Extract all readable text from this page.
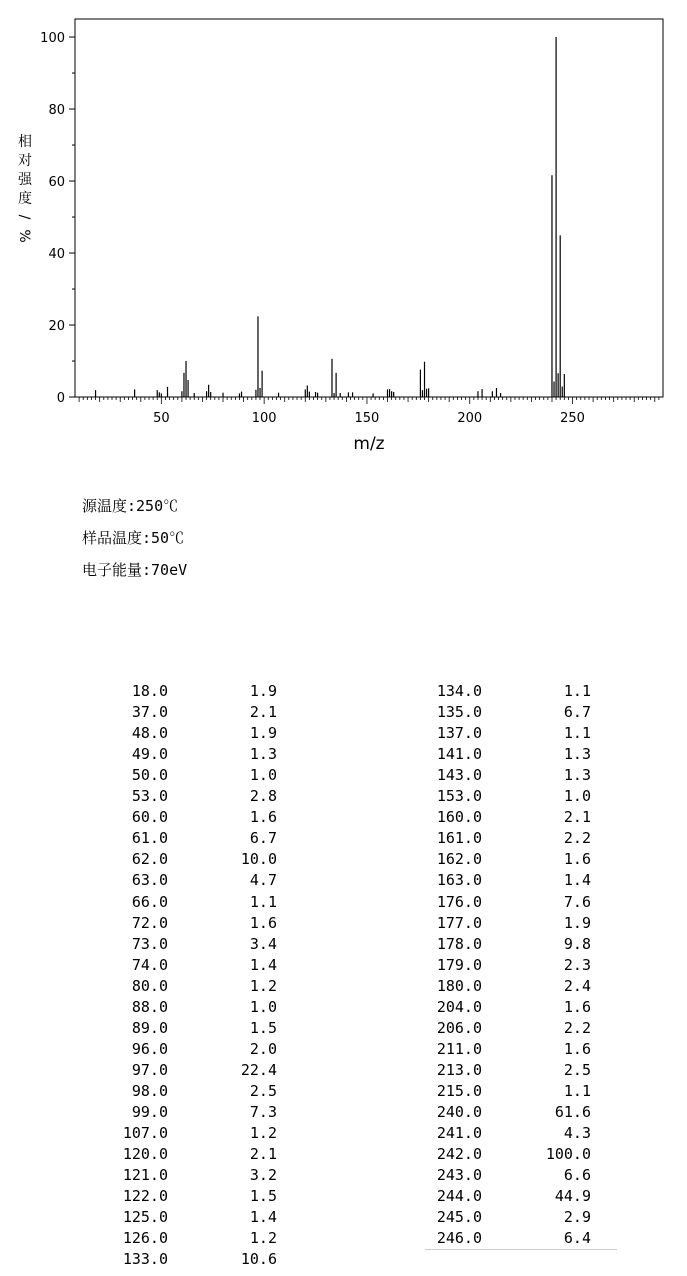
0
20
40
60
80
100
50	100	150	200	250
m/z
相
对
强
度
/
%
源温度:250℃
样品温度:50℃
电子能量:70eV
18.0	1.9
37.0	2.1
48.0	1.9
49.0	1.3
50.0	1.0
53.0	2.8
60.0	1.6
61.0	6.7
62.0	10.0
63.0	4.7
66.0	1.1
72.0	1.6
73.0	3.4
74.0	1.4
80.0	1.2
88.0	1.0
89.0	1.5
96.0	2.0
97.0	22.4
98.0	2.5
99.0	7.3
107.0	1.2
120.0	2.1
121.0	3.2
122.0	1.5
125.0	1.4
126.0	1.2
133.0	10.6
134.0	1.1
135.0	6.7
137.0	1.1
141.0	1.3
143.0	1.3
153.0	1.0
160.0	2.1
161.0	2.2
162.0	1.6
163.0	1.4
176.0	7.6
177.0	1.9
178.0	9.8
179.0	2.3
180.0	2.4
204.0	1.6
206.0	2.2
211.0	1.6
213.0	2.5
215.0	1.1
240.0	61.6
241.0	4.3
242.0	100.0
243.0	6.6
244.0	44.9
245.0	2.9
246.0	6.4
